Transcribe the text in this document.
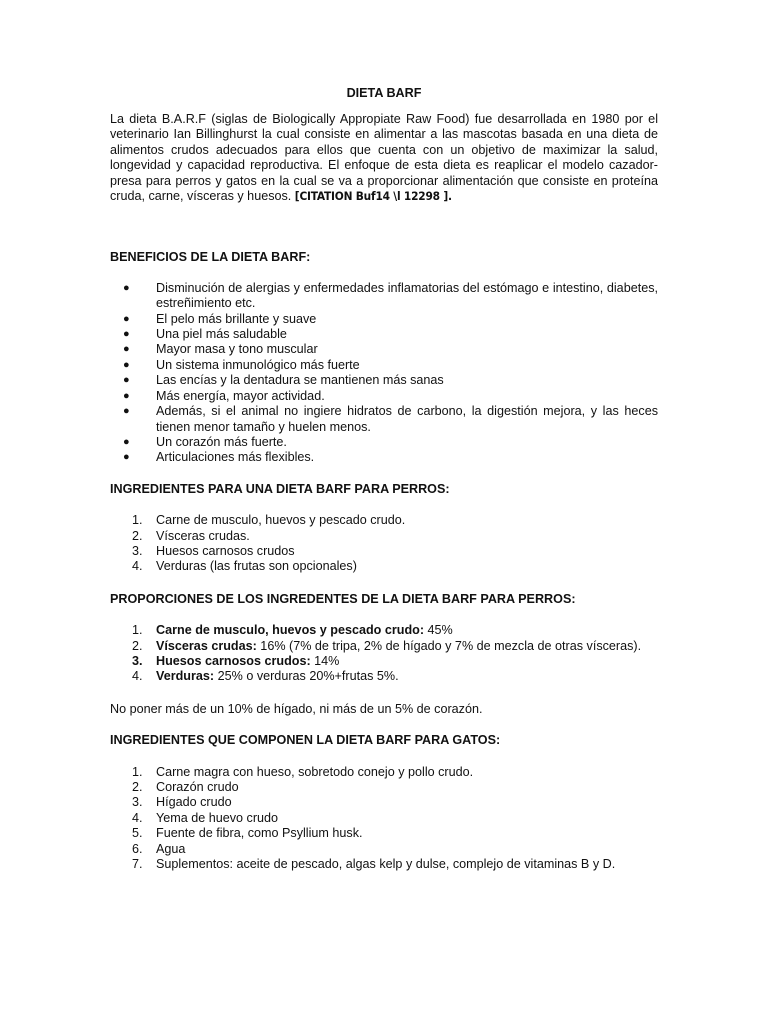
DIETA BARF

La dieta B.A.R.F (siglas de Biologically Appropiate Raw Food) fue desarrollada en 1980 por el veterinario Ian Billinghurst la cual consiste en alimentar a las mascotas basada en una dieta de alimentos crudos adecuados para ellos que cuenta con un objetivo de maximizar la salud, longevidad y capacidad reproductiva. El enfoque de esta dieta es reaplicar el modelo cazador-presa para perros y gatos en la cual se va a proporcionar alimentación que consiste en proteína cruda, carne, vísceras y huesos. [CITATION Buf14 \l 12298 ].

BENEFICIOS DE LA DIETA BARF:

● Disminución de alergias y enfermedades inflamatorias del estómago e intestino, diabetes, estreñimiento etc.
● El pelo más brillante y suave
● Una piel más saludable
● Mayor masa y tono muscular
● Un sistema inmunológico más fuerte
● Las encías y la dentadura se mantienen más sanas
● Más energía, mayor actividad.
● Además, si el animal no ingiere hidratos de carbono, la digestión mejora, y las heces tienen menor tamaño y huelen menos.
● Un corazón más fuerte.
● Articulaciones más flexibles.

INGREDIENTES PARA UNA DIETA BARF PARA PERROS:

1. Carne de musculo, huevos y pescado crudo.
2. Vísceras crudas.
3. Huesos carnosos crudos
4. Verduras (las frutas son opcionales)

PROPORCIONES DE LOS INGREDENTES DE LA DIETA BARF PARA PERROS:

1. Carne de musculo, huevos y pescado crudo: 45%
2. Vísceras crudas: 16% (7% de tripa, 2% de hígado y 7% de mezcla de otras vísceras).
3. Huesos carnosos crudos: 14%
4. Verduras: 25% o verduras 20%+frutas 5%.

No poner más de un 10% de hígado, ni más de un 5% de corazón.

INGREDIENTES QUE COMPONEN LA DIETA BARF PARA GATOS:

1. Carne magra con hueso, sobretodo conejo y pollo crudo.
2. Corazón crudo
3. Hígado crudo
4. Yema de huevo crudo
5. Fuente de fibra, como Psyllium husk.
6. Agua
7. Suplementos: aceite de pescado, algas kelp y dulse, complejo de vitaminas B y D.
